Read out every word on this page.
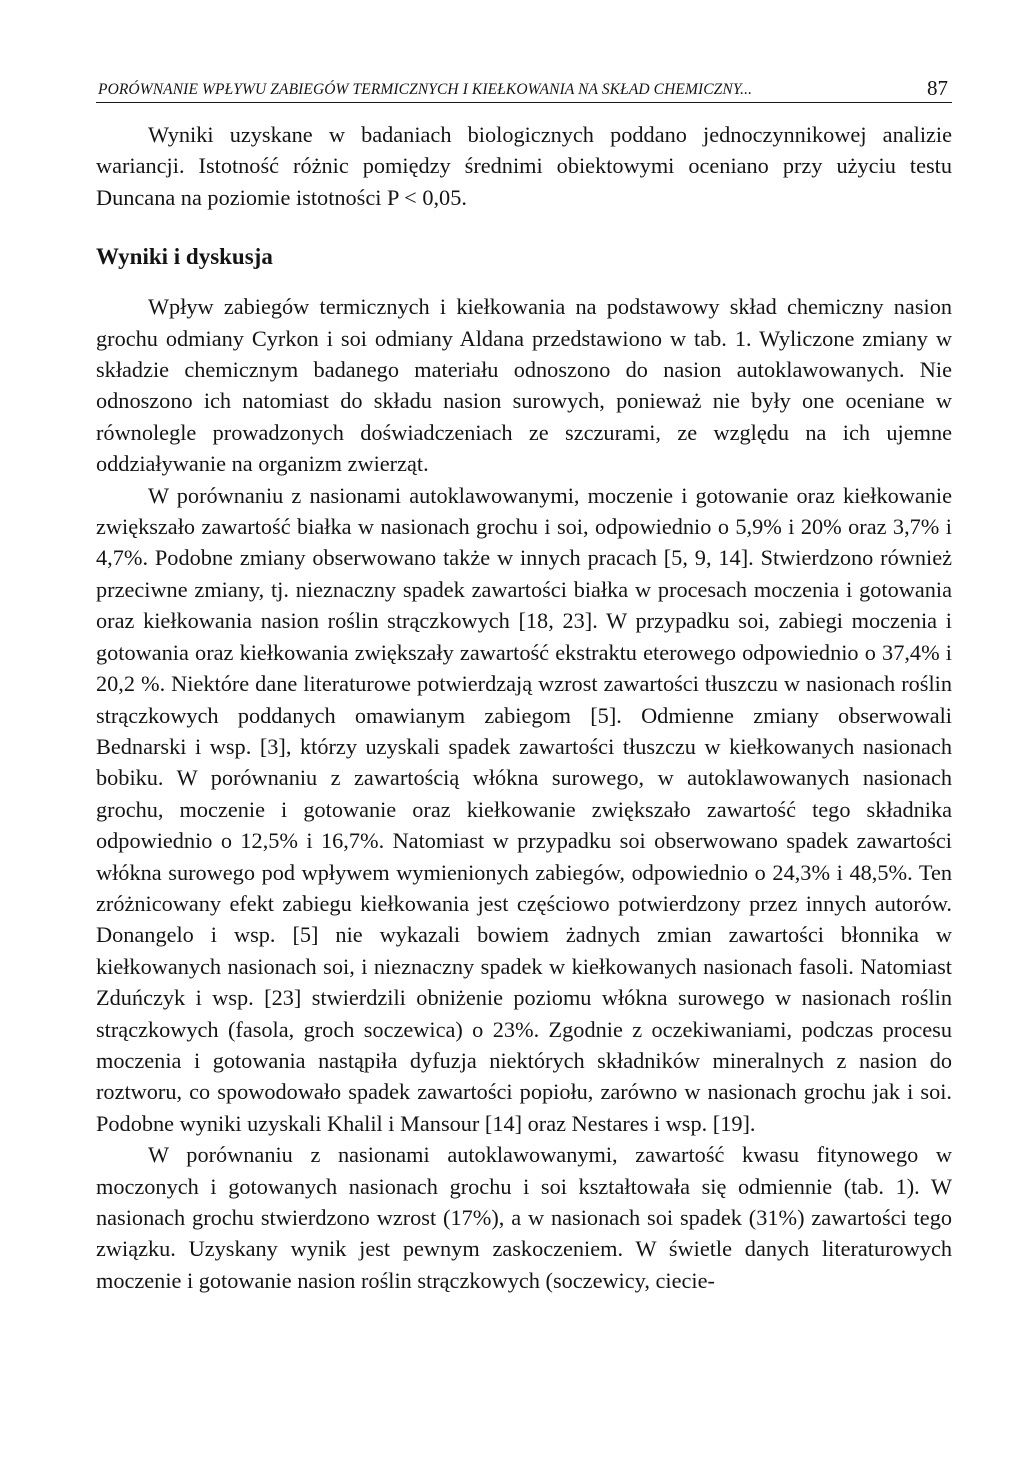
PORÓWNANIE WPŁYWU ZABIEGÓW TERMICZNYCH I KIEŁKOWANIA NA SKŁAD CHEMICZNY...	87

Wyniki uzyskane w badaniach biologicznych poddano jednoczynnikowej analizie wariancji. Istotność różnic pomiędzy średnimi obiektowymi oceniano przy użyciu testu Duncana na poziomie istotności P < 0,05.

Wyniki i dyskusja

Wpływ zabiegów termicznych i kiełkowania na podstawowy skład chemiczny nasion grochu odmiany Cyrkon i soi odmiany Aldana przedstawiono w tab. 1. Wyliczone zmiany w składzie chemicznym badanego materiału odnoszono do nasion autoklawowanych. Nie odnoszono ich natomiast do składu nasion surowych, ponieważ nie były one oceniane w równolegle prowadzonych doświadczeniach ze szczurami, ze względu na ich ujemne oddziaływanie na organizm zwierząt.

W porównaniu z nasionami autoklawowanymi, moczenie i gotowanie oraz kiełkowanie zwiększało zawartość białka w nasionach grochu i soi, odpowiednio o 5,9% i 20% oraz 3,7% i 4,7%. Podobne zmiany obserwowano także w innych pracach [5, 9, 14]. Stwierdzono również przeciwne zmiany, tj. nieznaczny spadek zawartości białka w procesach moczenia i gotowania oraz kiełkowania nasion roślin strączkowych [18, 23]. W przypadku soi, zabiegi moczenia i gotowania oraz kiełkowania zwiększały zawartość ekstraktu eterowego odpowiednio o 37,4% i 20,2 %. Niektóre dane literaturowe potwierdzają wzrost zawartości tłuszczu w nasionach roślin strączkowych poddanych omawianym zabiegom [5]. Odmienne zmiany obserwowali Bednarski i wsp. [3], którzy uzyskali spadek zawartości tłuszczu w kiełkowanych nasionach bobiku. W porównaniu z zawartością włókna surowego, w autoklawowanych nasionach grochu, moczenie i gotowanie oraz kiełkowanie zwiększało zawartość tego składnika odpowiednio o 12,5% i 16,7%. Natomiast w przypadku soi obserwowano spadek zawartości włókna surowego pod wpływem wymienionych zabiegów, odpowiednio o 24,3% i 48,5%. Ten zróżnicowany efekt zabiegu kiełkowania jest częściowo potwierdzony przez innych autorów. Donangelo i wsp. [5] nie wykazali bowiem żadnych zmian zawartości błonnika w kiełkowanych nasionach soi, i nieznaczny spadek w kiełkowanych nasionach fasoli. Natomiast Zduńczyk i wsp. [23] stwierdzili obniżenie poziomu włókna surowego w nasionach roślin strączkowych (fasola, groch soczewica) o 23%. Zgodnie z oczekiwaniami, podczas procesu moczenia i gotowania nastąpiła dyfuzja niektórych składników mineralnych z nasion do roztworu, co spowodowało spadek zawartości popiołu, zarówno w nasionach grochu jak i soi. Podobne wyniki uzyskali Khalil i Mansour [14] oraz Nestares i wsp. [19].

W porównaniu z nasionami autoklawowanymi, zawartość kwasu fitynowego w moczonych i gotowanych nasionach grochu i soi kształtowała się odmiennie (tab. 1). W nasionach grochu stwierdzono wzrost (17%), a w nasionach soi spadek (31%) zawartości tego związku. Uzyskany wynik jest pewnym zaskoczeniem. W świetle danych literaturowych moczenie i gotowanie nasion roślin strączkowych (soczewicy, ciecie-
